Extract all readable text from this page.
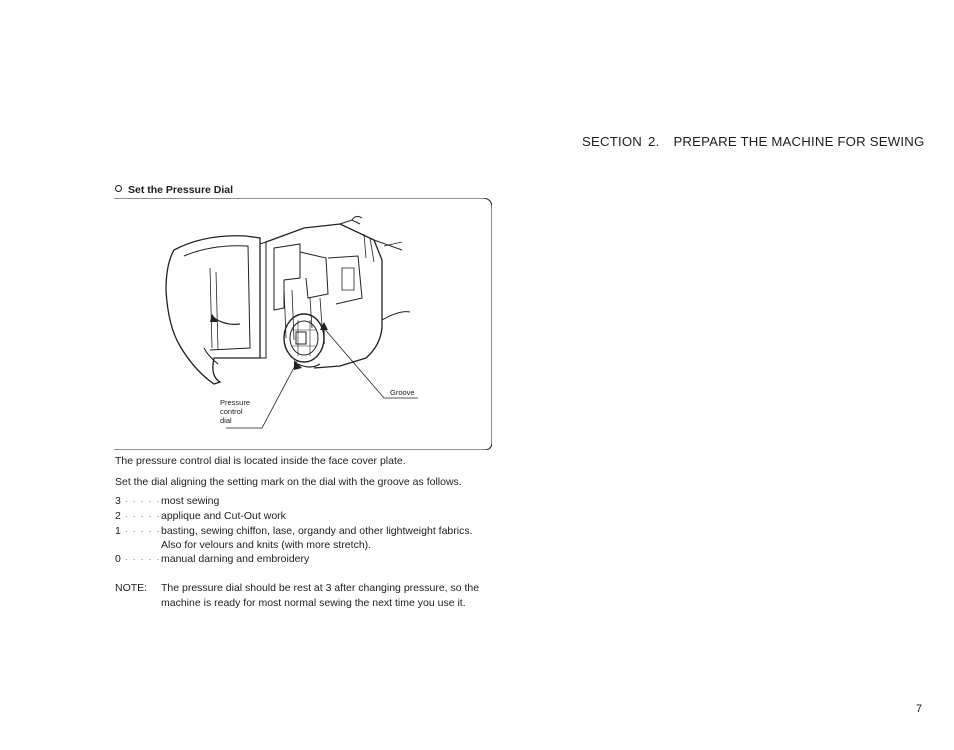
SECTION 2. PREPARE THE MACHINE FOR SEWING
Set the Pressure Dial
Pressure
control
dial
Groove
The pressure control dial is located inside the face cover plate.
Set the dial aligning the setting mark on the dial with the groove as follows.
3 · · · · ·most sewing
2 · · · · ·applique and Cut-Out work
1 · · · · · ·basting, sewing chiffon, lase, organdy and other lightweight fabrics.
Also for velours and knits (with more stretch).
0 · · · · ·manual darning and embroidery
NOTE: The pressure dial should be rest at 3 after changing pressure, so the
machine is ready for most normal sewing the next time you use it.
7
